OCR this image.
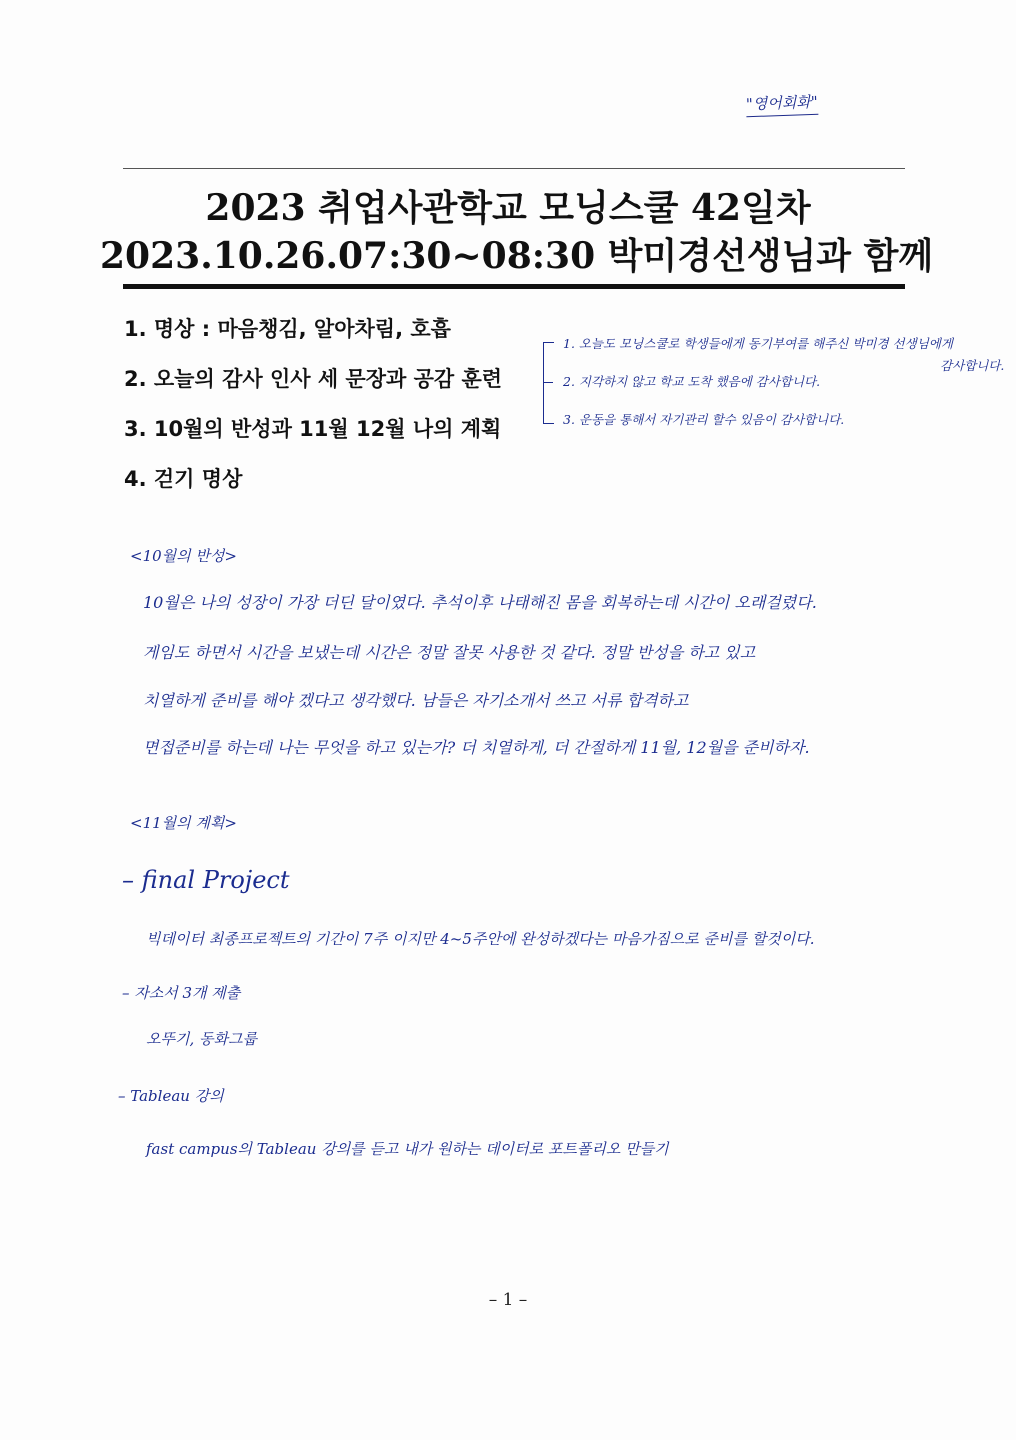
"영어회화"
2023 취업사관학교 모닝스쿨 42일차
2023.10.26.07:30~08:30 박미경선생님과 함께
1. 명상 : 마음챙김, 알아차림, 호흡
2. 오늘의 감사 인사 세 문장과 공감 훈련
3. 10월의 반성과 11월 12월 나의 계획
4. 걷기 명상
1. 오늘도 모닝스쿨로 학생들에게 동기부여를 해주신 박미경 선생님에게
감사합니다.
2. 지각하지 않고 학교 도착 했음에 감사합니다.
3. 운동을 통해서 자기관리 할수 있음이 감사합니다.
<10월의 반성>
10월은 나의 성장이 가장 더딘 달이였다. 추석이후 나태해진 몸을 회복하는데 시간이 오래걸렸다.
게임도 하면서 시간을 보냈는데 시간은 정말 잘못 사용한 것 같다. 정말 반성을 하고 있고
치열하게 준비를 해야 겠다고 생각했다. 남들은 자기소개서 쓰고 서류 합격하고
면접준비를 하는데 나는 무엇을 하고 있는가? 더 치열하게, 더 간절하게 11월, 12월을 준비하자.
<11월의 계획>
– final Project
빅데이터 최종프로젝트의 기간이 7주 이지만 4~5주안에 완성하겠다는 마음가짐으로 준비를 할것이다.
– 자소서 3개 제출
오뚜기, 동화그룹
– Tableau 강의
fast campus의 Tableau 강의를 듣고 내가 원하는 데이터로 포트폴리오 만들기
– 1 –
